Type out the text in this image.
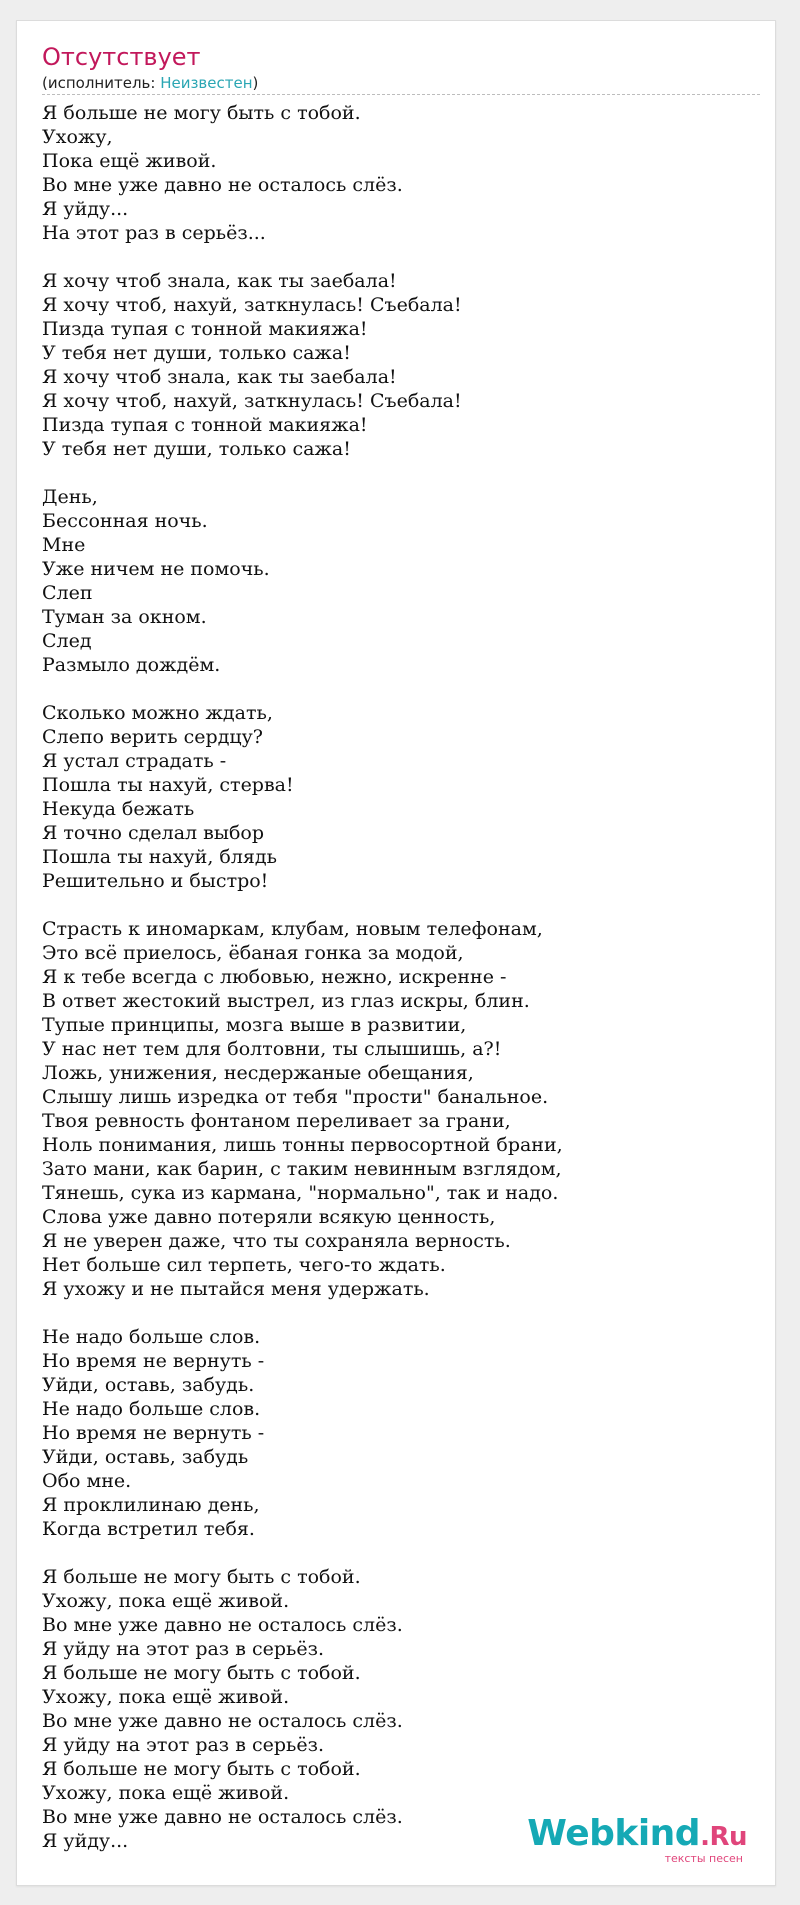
Отсутствует
(исполнитель: Неизвестен)
Я больше не могу быть с тобой.
Ухожу,
Пока ещё живой.
Во мне уже давно не осталось слёз.
Я уйду...
На этот раз в серьёз...
Я хочу чтоб знала, как ты заебала!
Я хочу чтоб, нахуй, заткнулась! Съебала!
Пизда тупая с тонной макияжа!
У тебя нет души, только сажа!
Я хочу чтоб знала, как ты заебала!
Я хочу чтоб, нахуй, заткнулась! Съебала!
Пизда тупая с тонной макияжа!
У тебя нет души, только сажа!
День,
Бессонная ночь.
Мне
Уже ничем не помочь.
Слеп
Туман за окном.
След
Размыло дождём.
Сколько можно ждать,
Слепо верить сердцу?
Я устал страдать -
Пошла ты нахуй, стерва!
Некуда бежать
Я точно сделал выбор
Пошла ты нахуй, блядь
Решительно и быстро!
Страсть к иномаркам, клубам, новым телефонам,
Это всё приелось, ёбаная гонка за модой,
Я к тебе всегда с любовью, нежно, искренне -
В ответ жестокий выстрел, из глаз искры, блин.
Тупые принципы, мозга выше в развитии,
У нас нет тем для болтовни, ты слышишь, а?!
Ложь, унижения, несдержаные обещания,
Слышу лишь изредка от тебя "прости" банальное.
Твоя ревность фонтаном переливает за грани,
Ноль понимания, лишь тонны первосортной брани,
Зато мани, как барин, с таким невинным взглядом,
Тянешь, сука из кармана, "нормально", так и надо.
Слова уже давно потеряли всякую ценность,
Я не уверен даже, что ты сохраняла верность.
Нет больше сил терпеть, чего-то ждать.
Я ухожу и не пытайся меня удержать.
Не надо больше слов.
Но время не вернуть -
Уйди, оставь, забудь.
Не надо больше слов.
Но время не вернуть -
Уйди, оставь, забудь
Обо мне.
Я проклилинаю день,
Когда встретил тебя.
Я больше не могу быть с тобой.
Ухожу, пока ещё живой.
Во мне уже давно не осталось слёз.
Я уйду на этот раз в серьёз.
Я больше не могу быть с тобой.
Ухожу, пока ещё живой.
Во мне уже давно не осталось слёз.
Я уйду на этот раз в серьёз.
Я больше не могу быть с тобой.
Ухожу, пока ещё живой.
Во мне уже давно не осталось слёз.
Я уйду...	Webkind.Ru
тексты песен
